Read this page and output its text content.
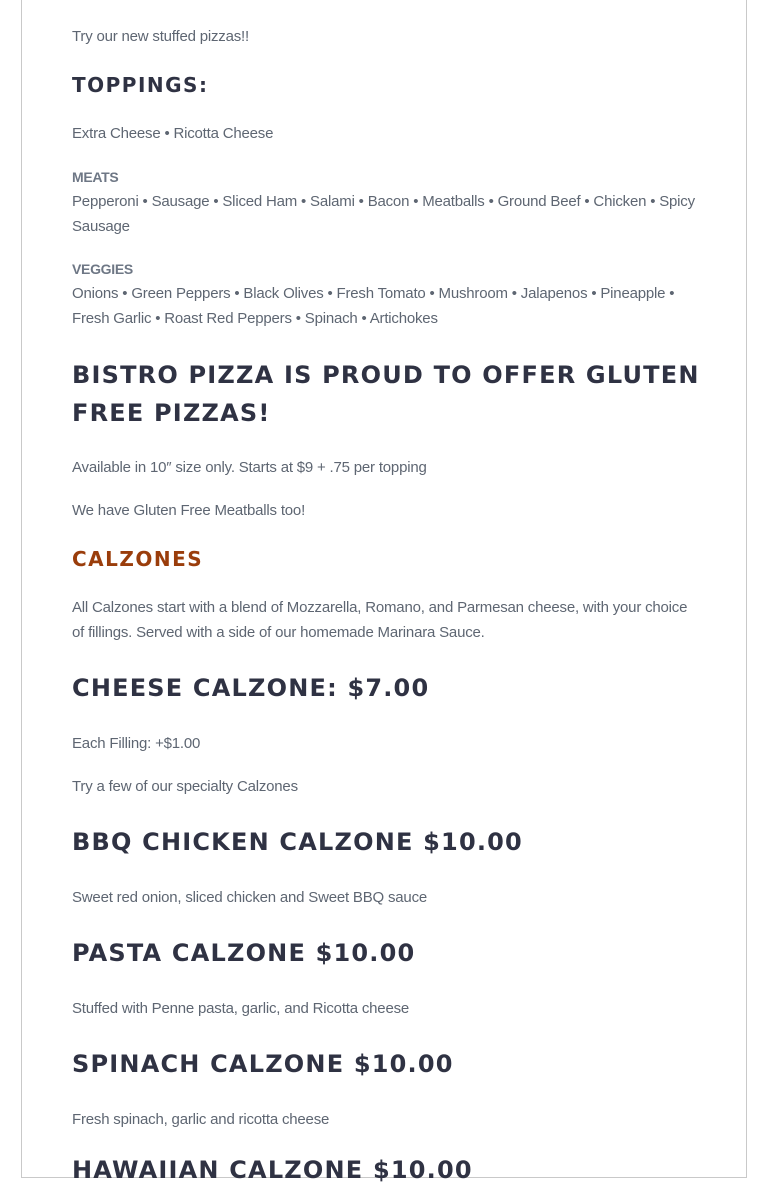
Try our new stuffed pizzas!!

TOPPINGS:

Extra Cheese • Ricotta Cheese

MEATS

Pepperoni • Sausage • Sliced Ham • Salami • Bacon • Meatballs • Ground Beef • Chicken • Spicy Sausage

VEGGIES

Onions • Green Peppers • Black Olives • Fresh Tomato • Mushroom • Jalapenos • Pineapple • Fresh Garlic • Roast Red Peppers • Spinach • Artichokes

BISTRO PIZZA IS PROUD TO OFFER GLUTEN FREE PIZZAS!

Available in 10″ size only. Starts at $9 + .75 per topping

We have Gluten Free Meatballs too!

CALZONES

All Calzones start with a blend of Mozzarella, Romano, and Parmesan cheese, with your choice of fillings. Served with a side of our homemade Marinara Sauce.

CHEESE CALZONE: $7.00

Each Filling: +$1.00

Try a few of our specialty Calzones

BBQ CHICKEN CALZONE $10.00

Sweet red onion, sliced chicken and Sweet BBQ sauce

PASTA CALZONE $10.00

Stuffed with Penne pasta, garlic, and Ricotta cheese

SPINACH CALZONE $10.00

Fresh spinach, garlic and ricotta cheese

HAWAIIAN CALZONE $10.00
